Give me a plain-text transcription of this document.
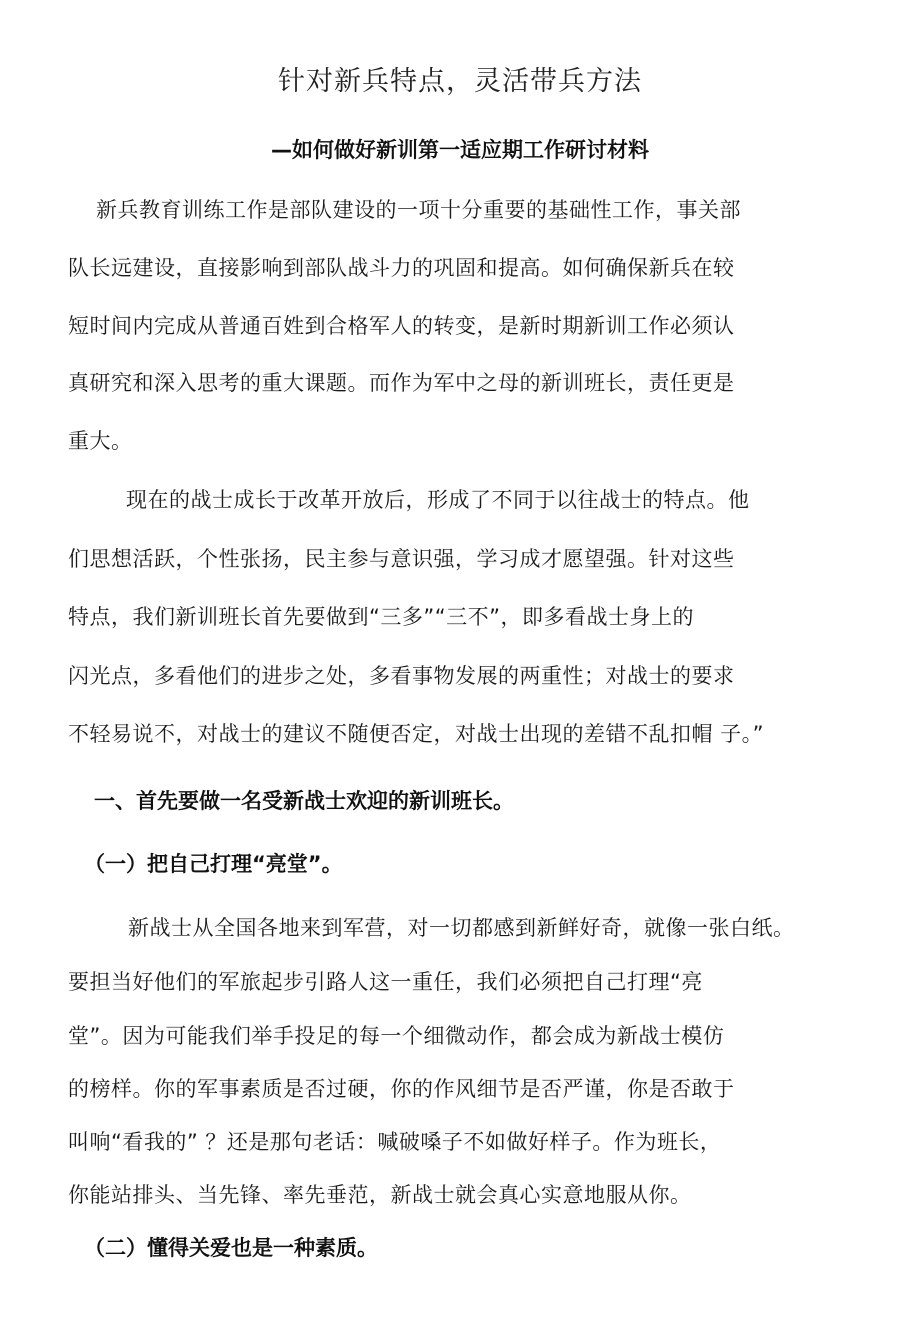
针对新兵特点，灵活带兵方法
—如何做好新训第一适应期工作研讨材料
新兵教育训练工作是部队建设的一项十分重要的基础性工作，事关部
队长远建设，直接影响到部队战斗力的巩固和提高。如何确保新兵在较
短时间内完成从普通百姓到合格军人的转变，是新时期新训工作必须认
真研究和深入思考的重大课题。而作为军中之母的新训班长，责任更是
重大。
现在的战士成长于改革开放后，形成了不同于以往战士的特点。他
们思想活跃，个性张扬，民主参与意识强，学习成才愿望强。针对这些
特点，我们新训班长首先要做到“三多”“三不”，即多看战士身上的
闪光点，多看他们的进步之处，多看事物发展的两重性；对战士的要求
不轻易说不，对战士的建议不随便否定，对战士出现的差错不乱扣帽 子。”
一、首先要做一名受新战士欢迎的新训班长。
（一）把自己打理“亮堂”。
新战士从全国各地来到军营，对一切都感到新鲜好奇，就像一张白纸。
要担当好他们的军旅起步引路人这一重任，我们必须把自己打理“亮
堂”。因为可能我们举手投足的每一个细微动作，都会成为新战士模仿
的榜样。你的军事素质是否过硬，你的作风细节是否严谨，你是否敢于
叫响“看我的” ？还是那句老话：喊破嗓子不如做好样子。作为班长，
你能站排头、当先锋、率先垂范，新战士就会真心实意地服从你。
（二）懂得关爱也是一种素质。
